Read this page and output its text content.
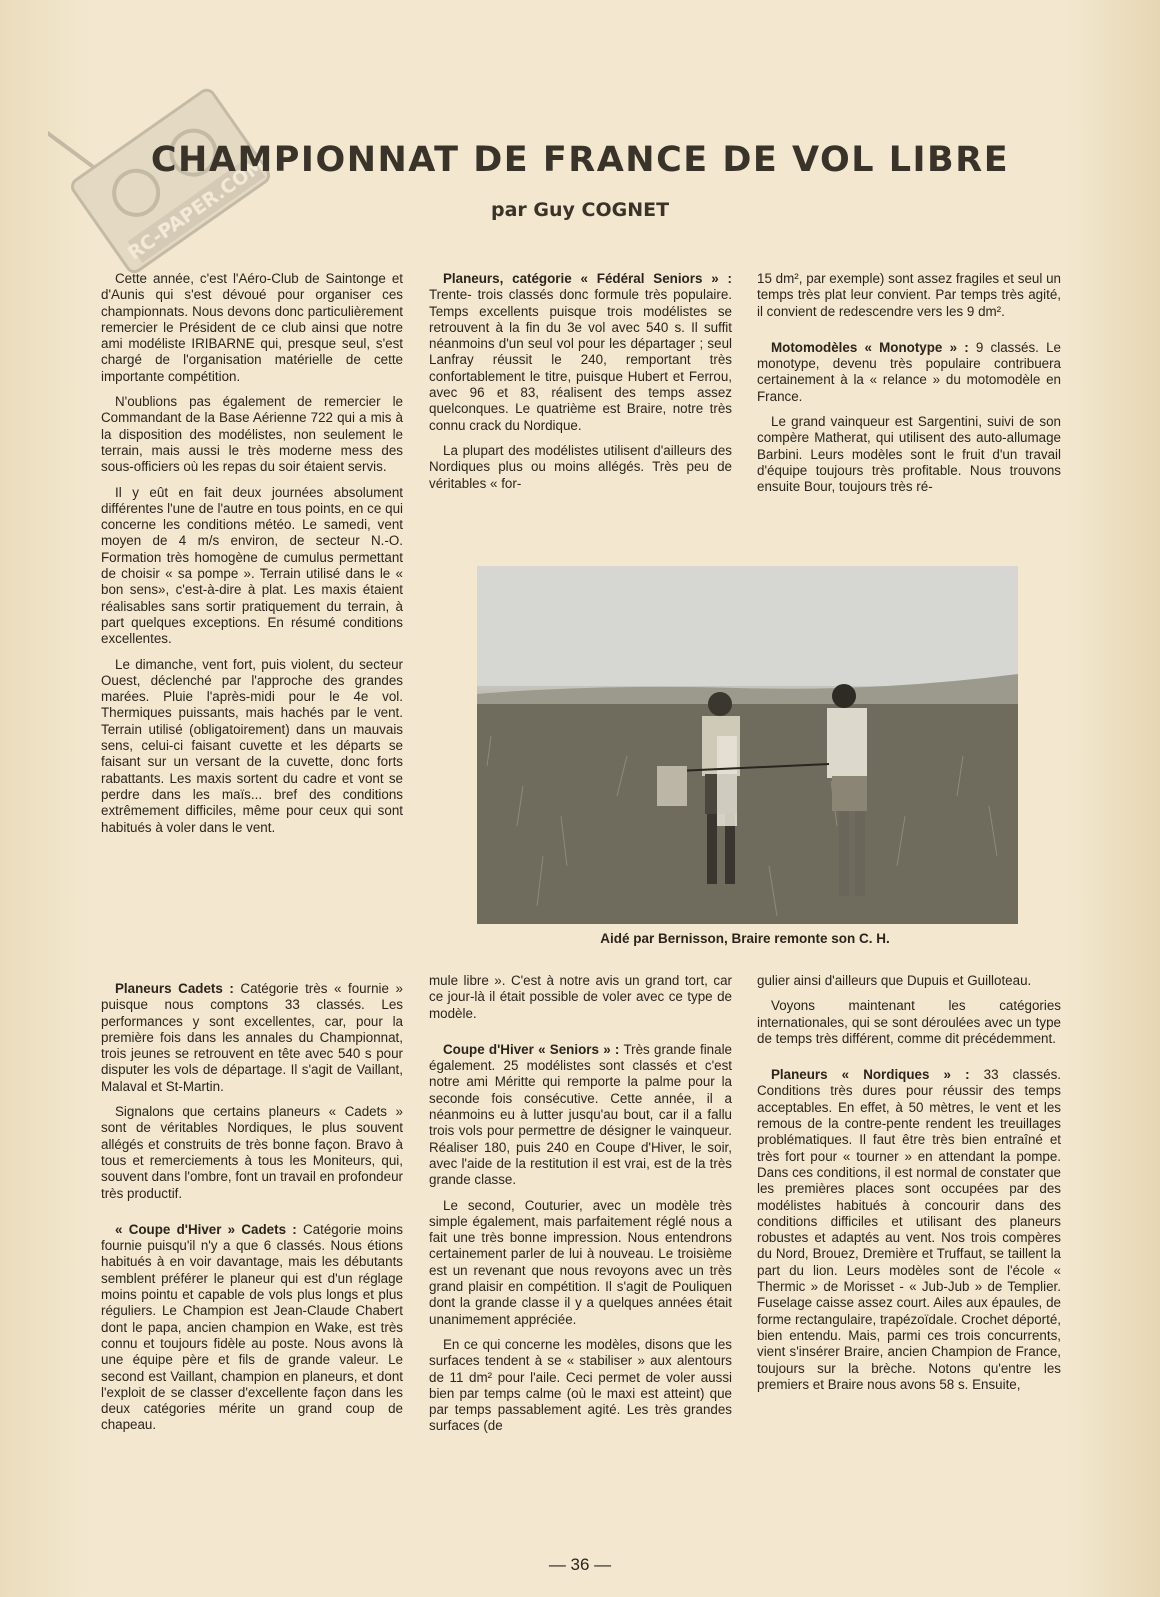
RC-PAPER.COM
CHAMPIONNAT DE FRANCE DE VOL LIBRE
par Guy COGNET

Cette année, c'est l'Aéro-Club de Saintonge et d'Aunis qui s'est dévoué pour organiser ces championnats. Nous devons donc particulièrement remercier le Président de ce club ainsi que notre ami modéliste IRIBARNE qui, presque seul, s'est chargé de l'organisation matérielle de cette importante compétition.

N'oublions pas également de remercier le Commandant de la Base Aérienne 722 qui a mis à la disposition des modélistes, non seulement le terrain, mais aussi le très moderne mess des sous-officiers où les repas du soir étaient servis.

Il y eût en fait deux journées absolument différentes l'une de l'autre en tous points, en ce qui concerne les conditions météo. Le samedi, vent moyen de 4 m/s environ, de secteur N.-O. Formation très homogène de cumulus permettant de choisir « sa pompe ». Terrain utilisé dans le « bon sens», c'est-à-dire à plat. Les maxis étaient réalisables sans sortir pratiquement du terrain, à part quelques exceptions. En résumé conditions excellentes.

Le dimanche, vent fort, puis violent, du secteur Ouest, déclenché par l'approche des grandes marées. Pluie l'après-midi pour le 4e vol. Thermiques puissants, mais hachés par le vent. Terrain utilisé (obligatoirement) dans un mauvais sens, celui-ci faisant cuvette et les départs se faisant sur un versant de la cuvette, donc forts rabattants. Les maxis sortent du cadre et vont se perdre dans les maïs... bref des conditions extrêmement difficiles, même pour ceux qui sont habitués à voler dans le vent.

Planeurs, catégorie « Fédéral Seniors » : Trente- trois classés donc formule très populaire. Temps excellents puisque trois modélistes se retrouvent à la fin du 3e vol avec 540 s. Il suffit néanmoins d'un seul vol pour les départager ; seul Lanfray réussit le 240, remportant très confortablement le titre, puisque Hubert et Ferrou, avec 96 et 83, réalisent des temps assez quelconques. Le quatrième est Braire, notre très connu crack du Nordique.

La plupart des modélistes utilisent d'ailleurs des Nordiques plus ou moins allégés. Très peu de véritables « for-

15 dm², par exemple) sont assez fragiles et seul un temps très plat leur convient. Par temps très agité, il convient de redescendre vers les 9 dm².

Motomodèles « Monotype » : 9 classés. Le monotype, devenu très populaire contribuera certainement à la « relance » du motomodèle en France.

Le grand vainqueur est Sargentini, suivi de son compère Matherat, qui utilisent des auto-allumage Barbini. Leurs modèles sont le fruit d'un travail d'équipe toujours très profitable. Nous trouvons ensuite Bour, toujours très ré-

Aidé par Bernisson, Braire remonte son C. H.

Planeurs Cadets : Catégorie très « fournie » puisque nous comptons 33 classés. Les performances y sont excellentes, car, pour la première fois dans les annales du Championnat, trois jeunes se retrouvent en tête avec 540 s pour disputer les vols de départage. Il s'agit de Vaillant, Malaval et St-Martin.

Signalons que certains planeurs « Cadets » sont de véritables Nordiques, le plus souvent allégés et construits de très bonne façon. Bravo à tous et remerciements à tous les Moniteurs, qui, souvent dans l'ombre, font un travail en profondeur très productif.

« Coupe d'Hiver » Cadets : Catégorie moins fournie puisqu'il n'y a que 6 classés. Nous étions habitués à en voir davantage, mais les débutants semblent préférer le planeur qui est d'un réglage moins pointu et capable de vols plus longs et plus réguliers. Le Champion est Jean-Claude Chabert dont le papa, ancien champion en Wake, est très connu et toujours fidèle au poste. Nous avons là une équipe père et fils de grande valeur. Le second est Vaillant, champion en planeurs, et dont l'exploit de se classer d'excellente façon dans les deux catégories mérite un grand coup de chapeau.

mule libre ». C'est à notre avis un grand tort, car ce jour-là il était possible de voler avec ce type de modèle.

Coupe d'Hiver « Seniors » : Très grande finale également. 25 modélistes sont classés et c'est notre ami Méritte qui remporte la palme pour la seconde fois consécutive. Cette année, il a néanmoins eu à lutter jusqu'au bout, car il a fallu trois vols pour permettre de désigner le vainqueur. Réaliser 180, puis 240 en Coupe d'Hiver, le soir, avec l'aide de la restitution il est vrai, est de la très grande classe.

Le second, Couturier, avec un modèle très simple également, mais parfaitement réglé nous a fait une très bonne impression. Nous entendrons certainement parler de lui à nouveau. Le troisième est un revenant que nous revoyons avec un très grand plaisir en compétition. Il s'agit de Pouliquen dont la grande classe il y a quelques années était unanimement appréciée.

En ce qui concerne les modèles, disons que les surfaces tendent à se « stabiliser » aux alentours de 11 dm² pour l'aile. Ceci permet de voler aussi bien par temps calme (où le maxi est atteint) que par temps passablement agité. Les très grandes surfaces (de

gulier ainsi d'ailleurs que Dupuis et Guilloteau.

Voyons maintenant les catégories internationales, qui se sont déroulées avec un type de temps très différent, comme dit précédemment.

Planeurs « Nordiques » : 33 classés. Conditions très dures pour réussir des temps acceptables. En effet, à 50 mètres, le vent et les remous de la contre-pente rendent les treuillages problématiques. Il faut être très bien entraîné et très fort pour « tourner » en attendant la pompe. Dans ces conditions, il est normal de constater que les premières places sont occupées par des modélistes habitués à concourir dans des conditions difficiles et utilisant des planeurs robustes et adaptés au vent. Nos trois compères du Nord, Brouez, Dremière et Truffaut, se taillent la part du lion. Leurs modèles sont de l'école « Thermic » de Morisset - « Jub-Jub » de Templier. Fuselage caisse assez court. Ailes aux épaules, de forme rectangulaire, trapézoïdale. Crochet déporté, bien entendu. Mais, parmi ces trois concurrents, vient s'insérer Braire, ancien Champion de France, toujours sur la brèche. Notons qu'entre les premiers et Braire nous avons 58 s. Ensuite,

— 36 —
